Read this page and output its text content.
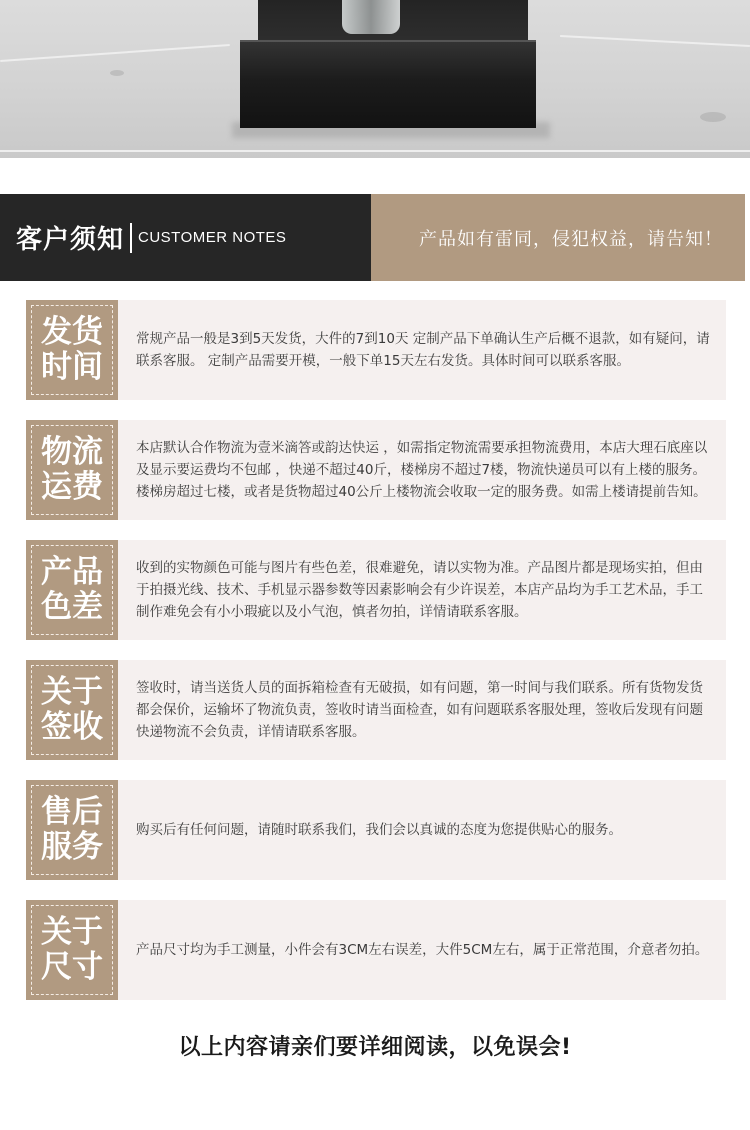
客户须知 CUSTOMER NOTES	产品如有雷同，侵犯权益，请告知！
发货
时间
常规产品一般是3到5天发货，大件的7到10天 定制产品下单确认生产后概不退款，如有疑问，请联系客服。 定制产品需要开模，一般下单15天左右发货。具体时间可以联系客服。
物流
运费
本店默认合作物流为壹米滴答或韵达快运 ，如需指定物流需要承担物流费用，本店大理石底座以及显示要运费均不包邮 ，快递不超过40斤，楼梯房不超过7楼，物流快递员可以有上楼的服务。楼梯房超过七楼，或者是货物超过40公斤上楼物流会收取一定的服务费。如需上楼请提前告知。
产品
色差
收到的实物颜色可能与图片有些色差，很难避免，请以实物为准。产品图片都是现场实拍，但由于拍摄光线、技术、手机显示器参数等因素影响会有少许误差，本店产品均为手工艺术品，手工制作难免会有小小瑕疵以及小气泡，慎者勿拍，详情请联系客服。
关于
签收
签收时，请当送货人员的面拆箱检查有无破损，如有问题，第一时间与我们联系。所有货物发货都会保价，运输坏了物流负责，签收时请当面检查，如有问题联系客服处理，签收后发现有问题快递物流不会负责，详情请联系客服。
售后
服务 购买后有任何问题，请随时联系我们，我们会以真诚的态度为您提供贴心的服务。
关于
尺寸 产品尺寸均为手工测量，小件会有3CM左右误差，大件5CM左右，属于正常范围，介意者勿拍。
以上内容请亲们要详细阅读，以免误会!
